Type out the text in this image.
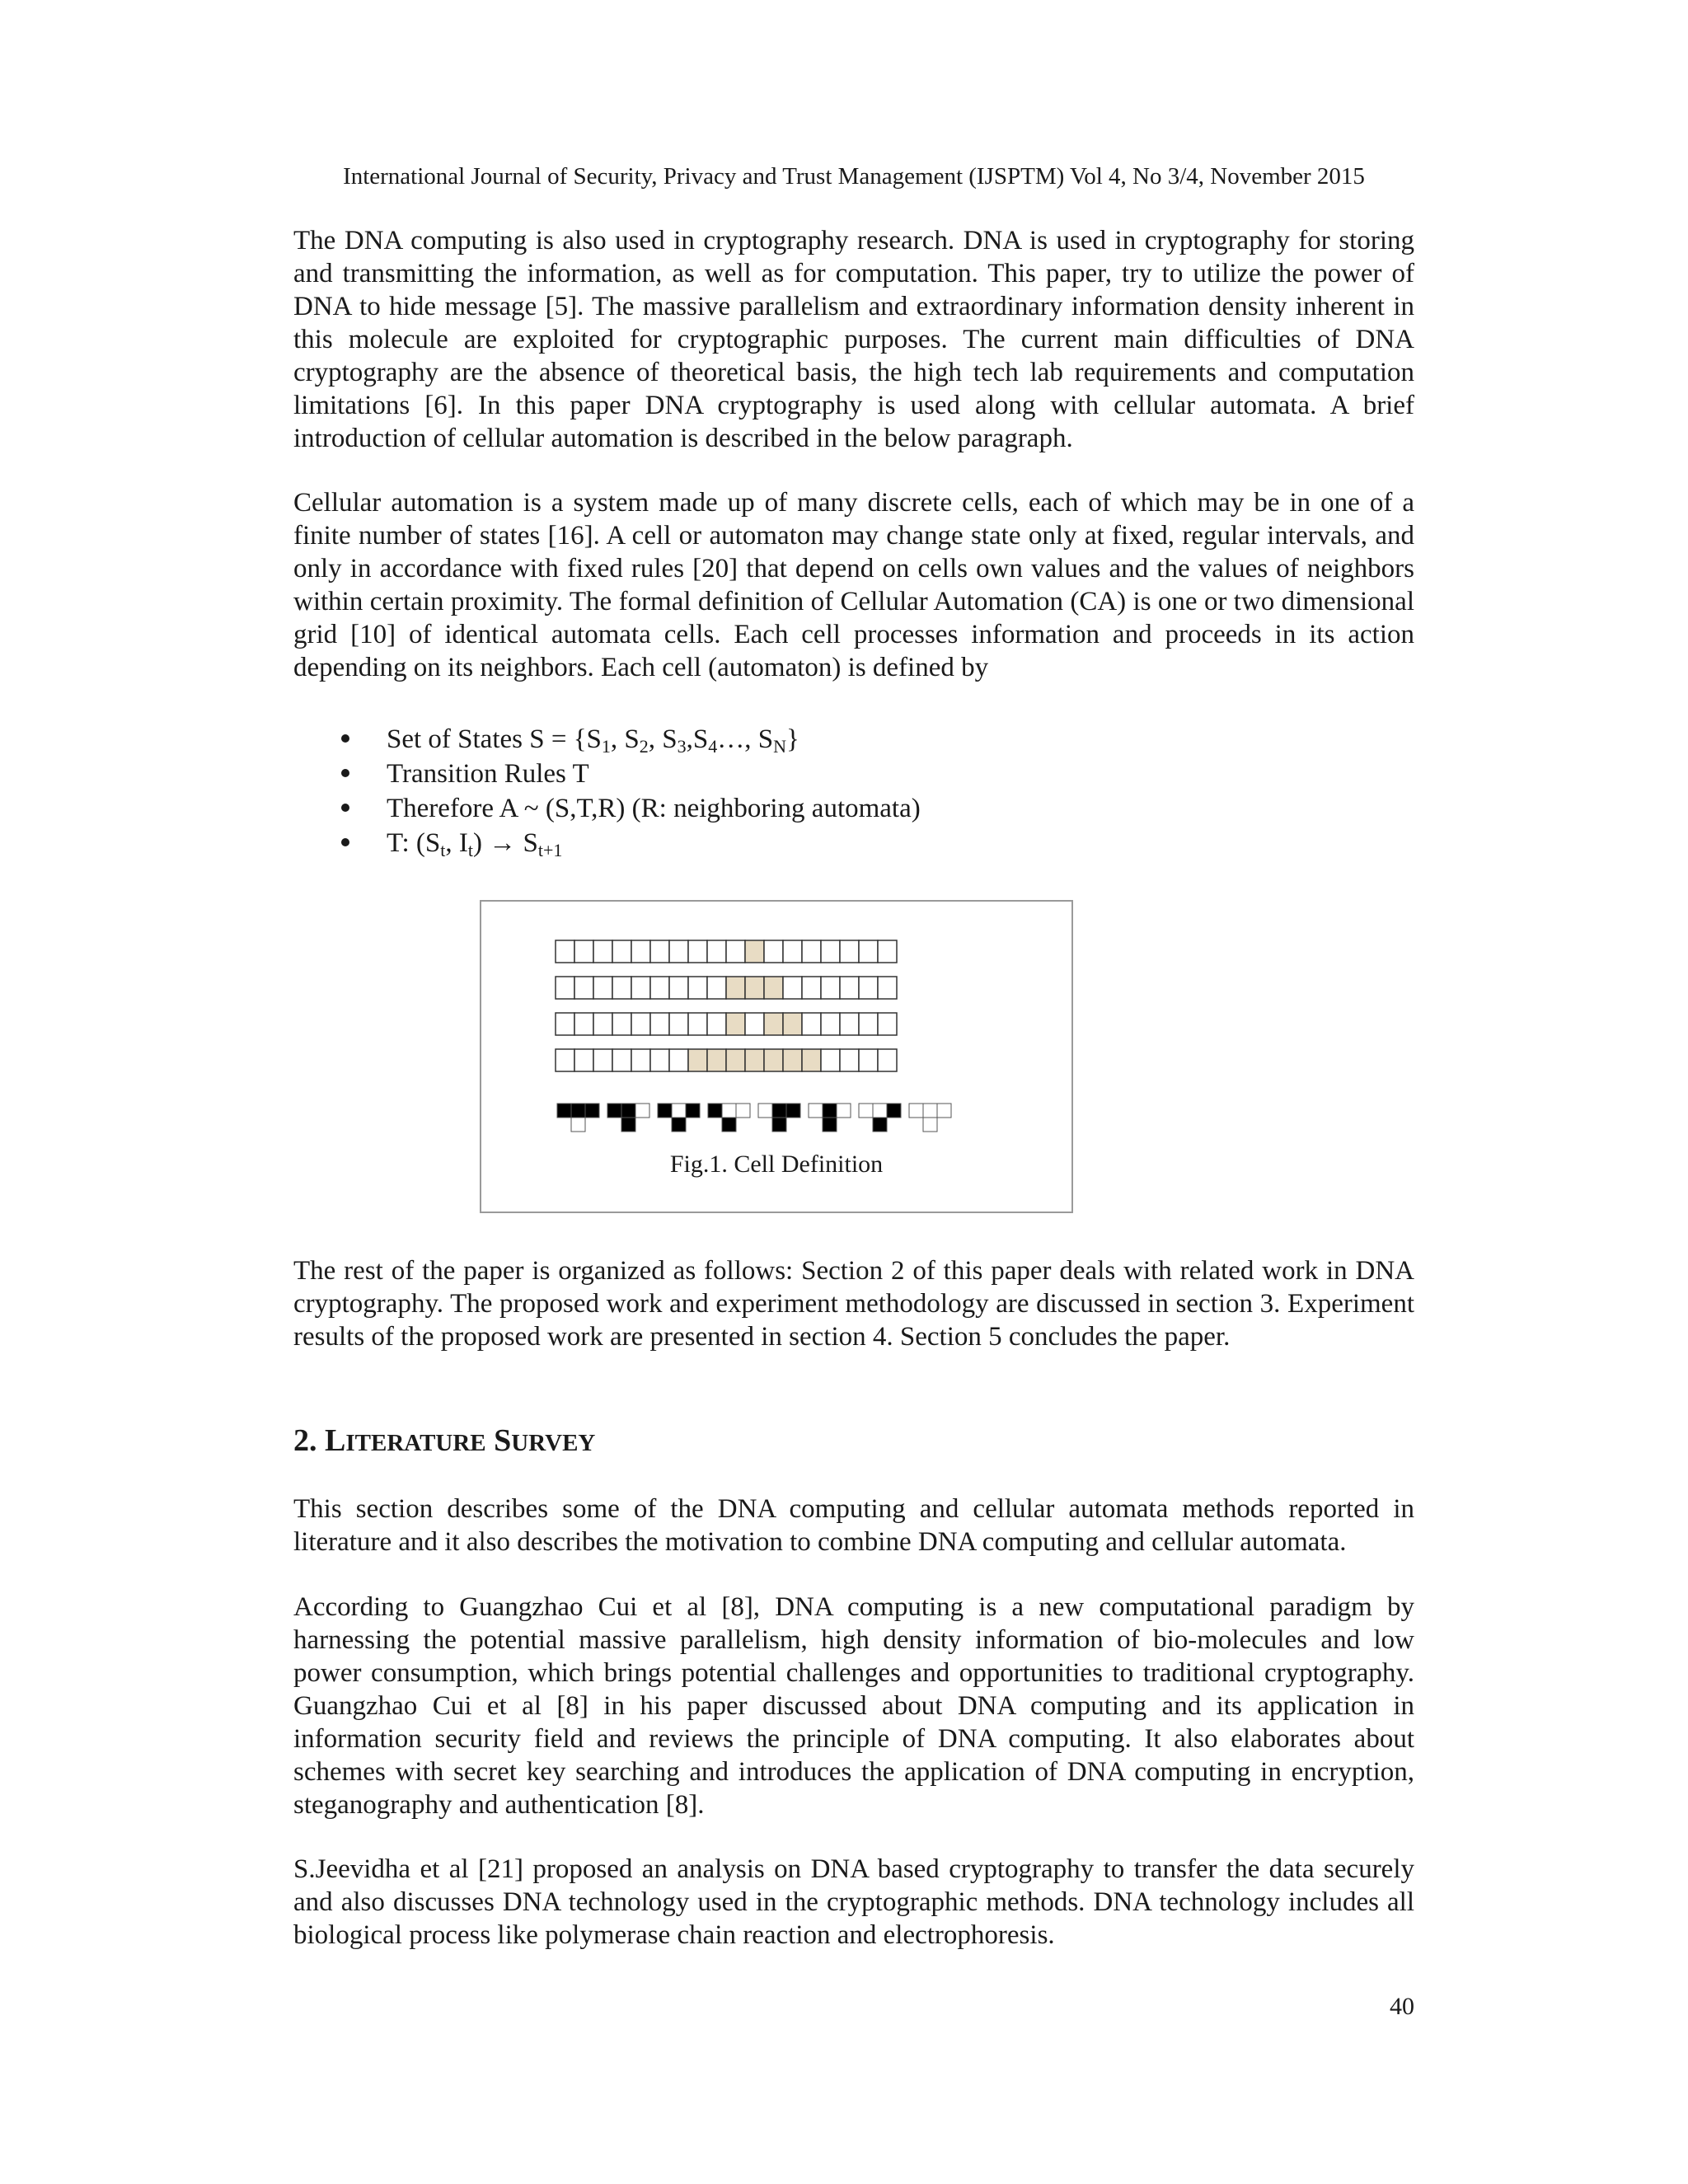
International Journal of Security, Privacy and Trust Management (IJSPTM) Vol 4, No 3/4, November 2015

The DNA computing is also used in cryptography research. DNA is used in cryptography for storing and transmitting the information, as well as for computation. This paper, try to utilize the power of DNA to hide message [5]. The massive parallelism and extraordinary information density inherent in this molecule are exploited for cryptographic purposes. The current main difficulties of DNA cryptography are the absence of theoretical basis, the high tech lab requirements and computation limitations [6]. In this paper DNA cryptography is used along with cellular automata. A brief introduction of cellular automation is described in the below paragraph.

Cellular automation is a system made up of many discrete cells, each of which may be in one of a finite number of states [16]. A cell or automaton may change state only at fixed, regular intervals, and only in accordance with fixed rules [20] that depend on cells own values and the values of neighbors within certain proximity. The formal definition of Cellular Automation (CA) is one or two dimensional grid [10] of identical automata cells. Each cell processes information and proceeds in its action depending on its neighbors. Each cell (automaton) is defined by

Set of States $S = \{S_1$, $S_2$, $S_3,S_4\dots$, $S_N$}
Transition Rules T
Therefore A ~ (S,T,R) (R: neighboring automata)
T: ($S_t$, $I_t) \to S_{t+1}$
Fig.1. Cell Definition

The rest of the paper is organized as follows: Section 2 of this paper deals with related work in DNA cryptography. The proposed work and experiment methodology are discussed in section 3. Experiment results of the proposed work are presented in section 4. Section 5 concludes the paper.

2. LITERATURE SURVEY

This section describes some of the DNA computing and cellular automata methods reported in literature and it also describes the motivation to combine DNA computing and cellular automata.

According to Guangzhao Cui et al [8], DNA computing is a new computational paradigm by harnessing the potential massive parallelism, high density information of bio-molecules and low power consumption, which brings potential challenges and opportunities to traditional cryptography. Guangzhao Cui et al [8] in his paper discussed about DNA computing and its application in information security field and reviews the principle of DNA computing. It also elaborates about schemes with secret key searching and introduces the application of DNA computing in encryption, steganography and authentication [8].

S.Jeevidha et al [21] proposed an analysis on DNA based cryptography to transfer the data securely and also discusses DNA technology used in the cryptographic methods. DNA technology includes all biological process like polymerase chain reaction and electrophoresis.

40
